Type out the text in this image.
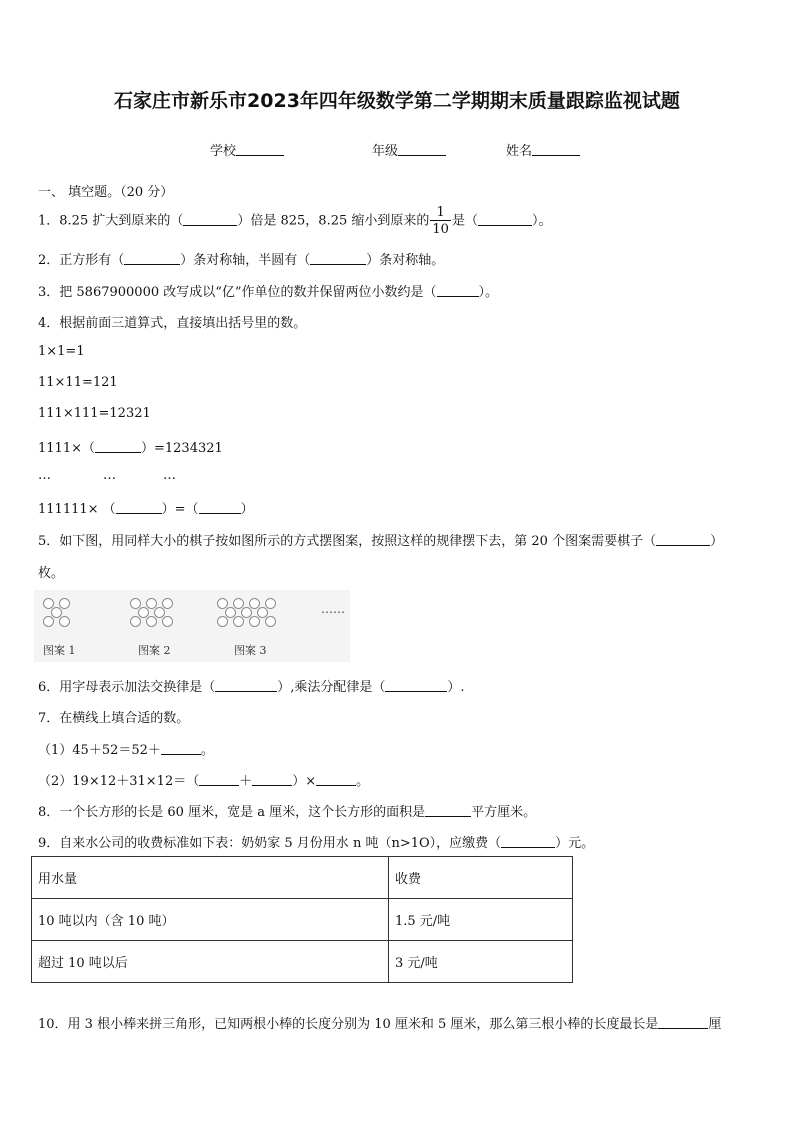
石家庄市新乐市2023年四年级数学第二学期期末质量跟踪监视试题
学校	年级	姓名
一、 填空题。（20 分）
1．8.25 扩大到原来的（	）倍是 825，8.25 缩小到原来的 $\frac{1}{10}$ 是（	）。
2．正方形有（	）条对称轴，半圆有（	）条对称轴。
3．把 5867900000 改写成以“亿”作单位的数并保留两位小数约是（	）。
4．根据前面三道算式，直接填出括号里的数。
1×1=1
11×11=121
111×111=12321
1111×（	）=1234321
…	…	…
111111× （	）=（	）
5．如下图，用同样大小的棋子按如图所示的方式摆图案，按照这样的规律摆下去，第 20 个图案需要棋子（	）
枚。
……
图案 1	图案 2	图案 3
6．用字母表示加法交换律是（	）,乘法分配律是（	）.
7．在横线上填合适的数。
（1）45＋52＝52＋	。
（2）19×12＋31×12＝（	＋	）×	。
8．一个长方形的长是 60 厘米，宽是 a 厘米，这个长方形的面积是	平方厘米。
9．自来水公司的收费标准如下表：奶奶家 5 月份用水 n 吨（n>1O），应缴费（	）元。
用水量	收费
10 吨以内（含 10 吨）	1.5 元/吨
超过 10 吨以后	3 元/吨
10．用 3 根小棒来拼三角形，已知两根小棒的长度分别为 10 厘米和 5 厘米，那么第三根小棒的长度最长是	厘
